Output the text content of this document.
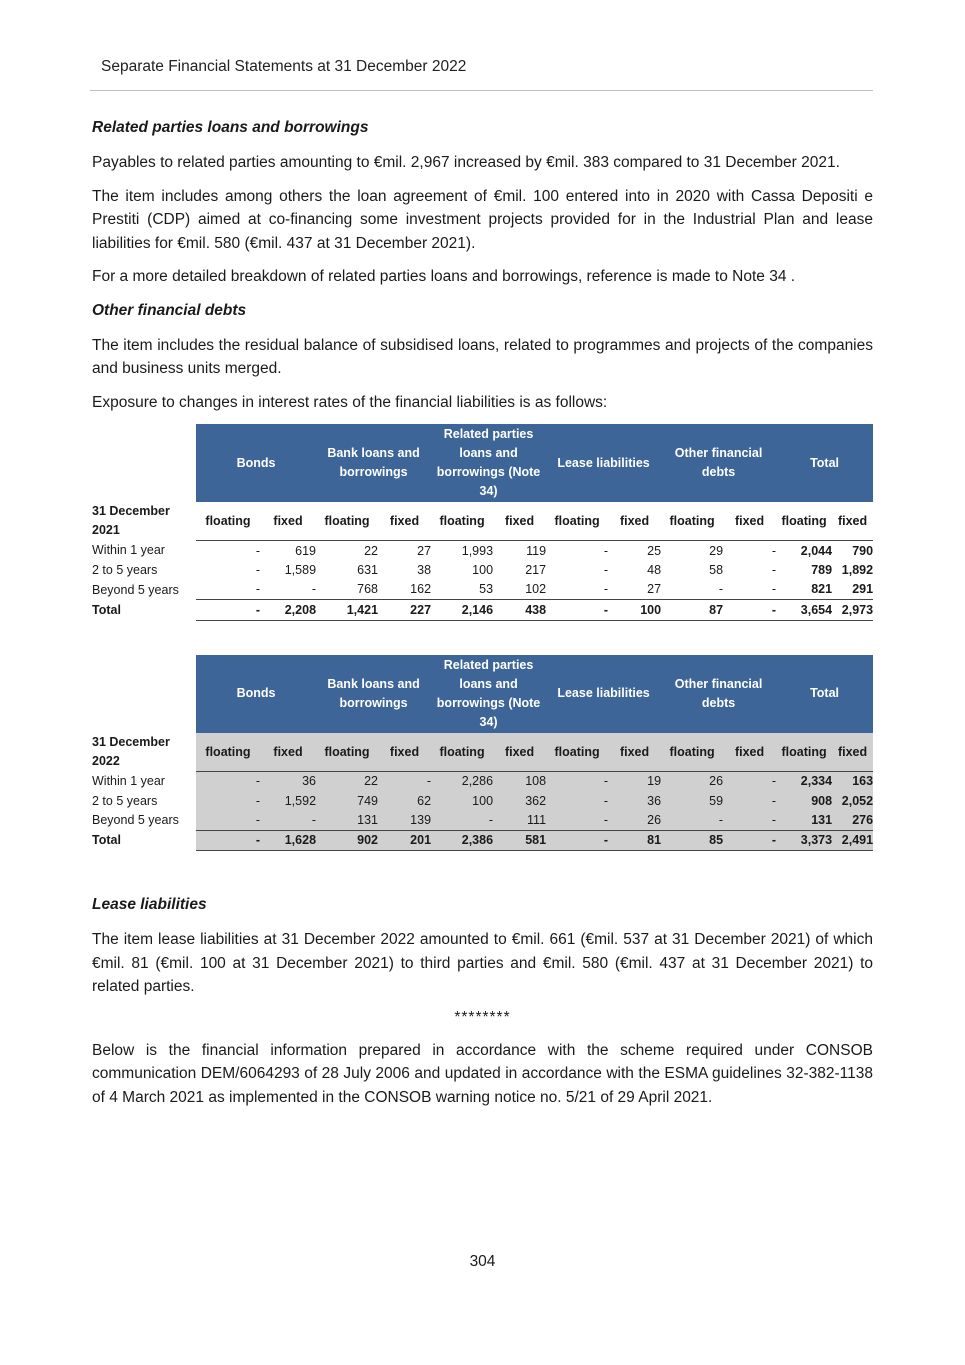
Separate Financial Statements at 31 December 2022
Related parties loans and borrowings
Payables to related parties amounting to €mil. 2,967 increased by €mil. 383 compared to 31 December 2021.
The item includes among others the loan agreement of €mil. 100 entered into in 2020 with Cassa Depositi e Prestiti (CDP) aimed at co-financing some investment projects provided for in the Industrial Plan and lease liabilities for €mil. 580 (€mil. 437 at 31 December 2021).
For a more detailed breakdown of related parties loans and borrowings, reference is made to Note 34 .
Other financial debts
The item includes the residual balance of subsidised loans, related to programmes and projects of the companies and business units merged.
Exposure to changes in interest rates of the financial liabilities is as follows:
	Bonds		Bank loans and borrowings		Related parties loans and borrowings (Note 34)		Lease liabilities		Other financial debts		Total	
31 December 2021	floating	fixed	floating	fixed	floating	fixed	floating	fixed	floating	fixed	floating	fixed
Within 1 year	-	619	22	27	1,993	119	-	25	29	-	2,044	790
2 to 5 years	-	1,589	631	38	100	217	-	48	58	-	789	1,892
Beyond 5 years	-	-	768	162	53	102	-	27	-	-	821	291
Total	-	2,208	1,421	227	2,146	438	-	100	87	-	3,654	2,973
	Bonds		Bank loans and borrowings		Related parties loans and borrowings (Note 34)		Lease liabilities		Other financial debts		Total	
31 December 2022	floating	fixed	floating	fixed	floating	fixed	floating	fixed	floating	fixed	floating	fixed
Within 1 year	-	36	22	-	2,286	108	-	19	26	-	2,334	163
2 to 5 years	-	1,592	749	62	100	362	-	36	59	-	908	2,052
Beyond 5 years	-	-	131	139	-	111	-	26	-	-	131	276
Total	-	1,628	902	201	2,386	581	-	81	85	-	3,373	2,491
Lease liabilities
The item lease liabilities at 31 December 2022 amounted to €mil. 661 (€mil. 537 at 31 December 2021) of which €mil. 81 (€mil. 100 at 31 December 2021) to third parties and €mil. 580 (€mil. 437 at 31 December 2021) to related parties.
********
Below is the financial information prepared in accordance with the scheme required under CONSOB communication DEM/6064293 of 28 July 2006 and updated in accordance with the ESMA guidelines 32-382-1138 of 4 March 2021 as implemented in the CONSOB warning notice no. 5/21 of 29 April 2021.
304
